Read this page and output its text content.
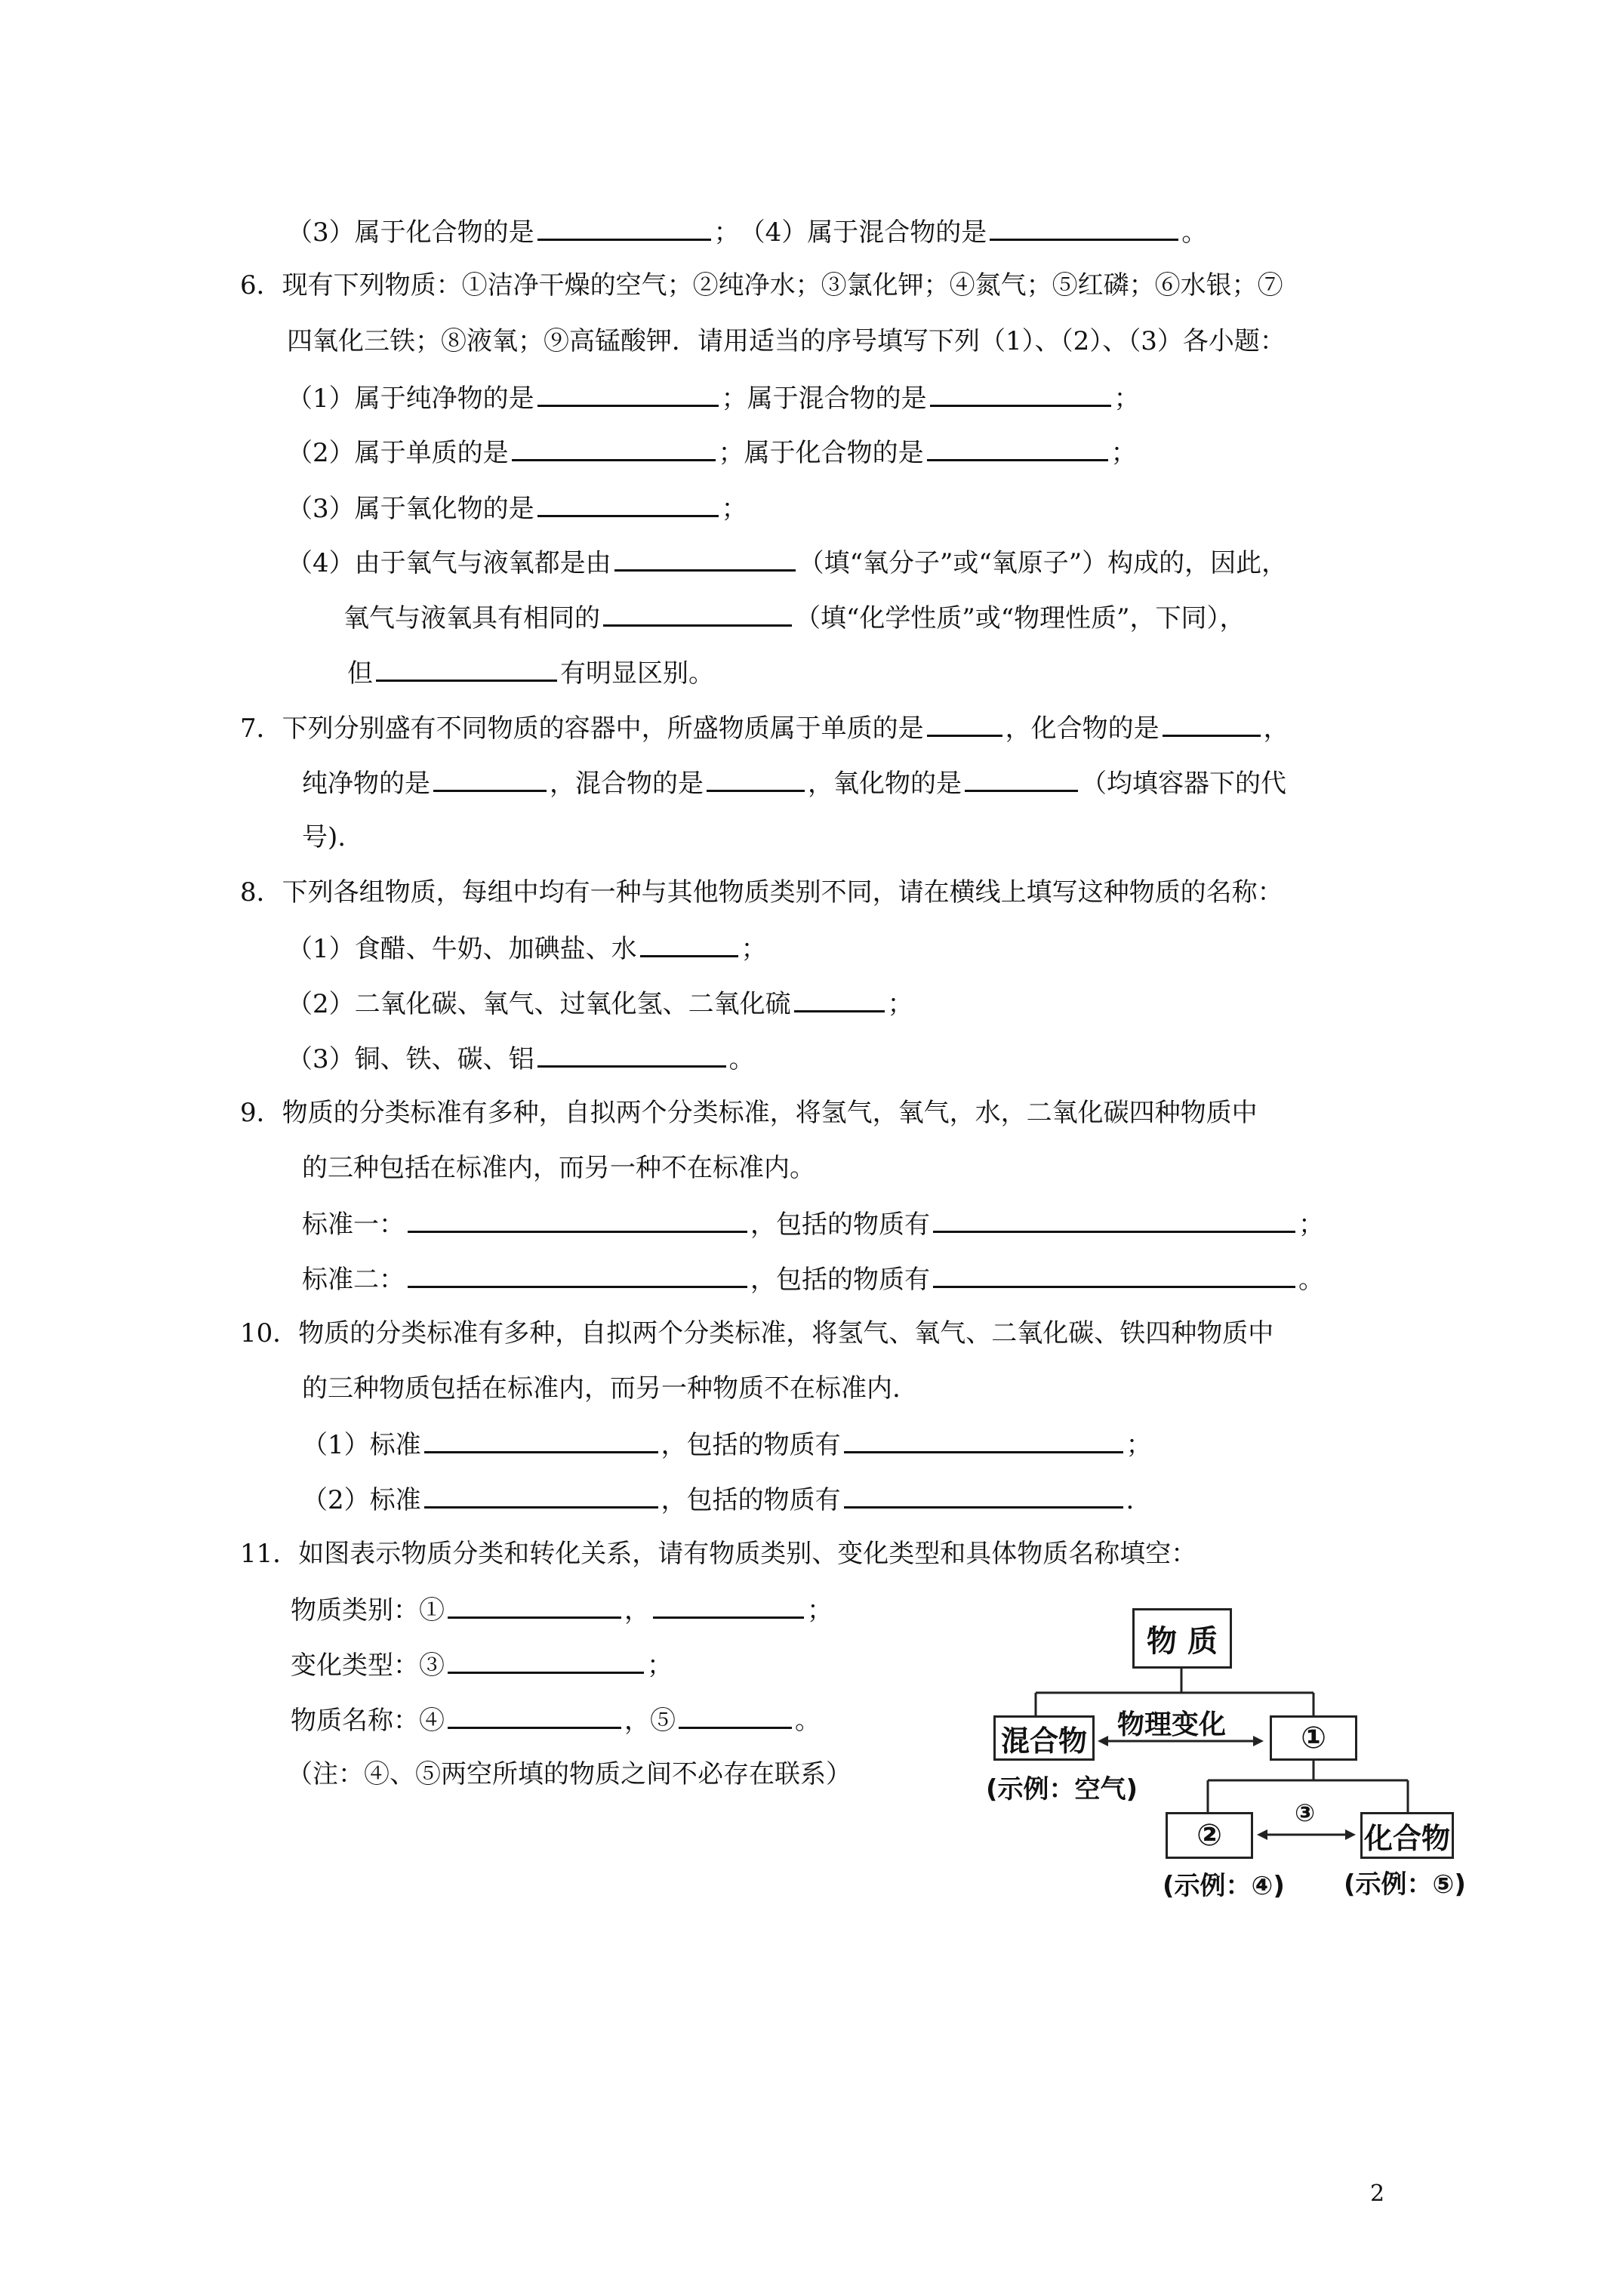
（3）属于化合物的是	；　（4）属于混合物的是	。
6．现有下列物质：①洁净干燥的空气；②纯净水；③氯化钾；④氮气；⑤红磷；⑥水银；⑦
四氧化三铁；⑧液氧；⑨高锰酸钾．请用适当的序号填写下列（1）、（2）、（3）各小题：
（1）属于纯净物的是	；属于混合物的是	；
（2）属于单质的是	；属于化合物的是	；
（3）属于氧化物的是	；
（4）由于氧气与液氧都是由	（填“氧分子”或“氧原子”）构成的，因此，
氧气与液氧具有相同的	（填“化学性质”或“物理性质”，下同），
但	有明显区别。
7．下列分别盛有不同物质的容器中，所盛物质属于单质的是	，化合物的是	，
纯净物的是	，混合物的是	，氧化物的是	（均填容器下的代
号).
8．下列各组物质，每组中均有一种与其他物质类别不同，请在横线上填写这种物质的名称：
（1）食醋、牛奶、加碘盐、水	；
（2）二氧化碳、氧气、过氧化氢、二氧化硫	；
（3）铜、铁、碳、铝	。
9．物质的分类标准有多种，自拟两个分类标准，将氢气，氧气，水，二氧化碳四种物质中
的三种包括在标准内，而另一种不在标准内。
标准一：	，包括的物质有	；
标准二：	，包括的物质有	。
10．物质的分类标准有多种，自拟两个分类标准，将氢气、氧气、二氧化碳、铁四种物质中
的三种物质包括在标准内，而另一种物质不在标准内.
（1）标准	，包括的物质有	；
（2）标准	，包括的物质有	．
11．如图表示物质分类和转化关系，请有物质类别、变化类型和具体物质名称填空：
物质类别：①	，	；
变化类型：③	；
物质名称：④	，⑤	。
（注：④、⑤两空所填的物质之间不必存在联系）
物 质
混合物	①
物理变化
(示例：空气)
②	化合物
③
(示例：④) (示例：⑤)
2
